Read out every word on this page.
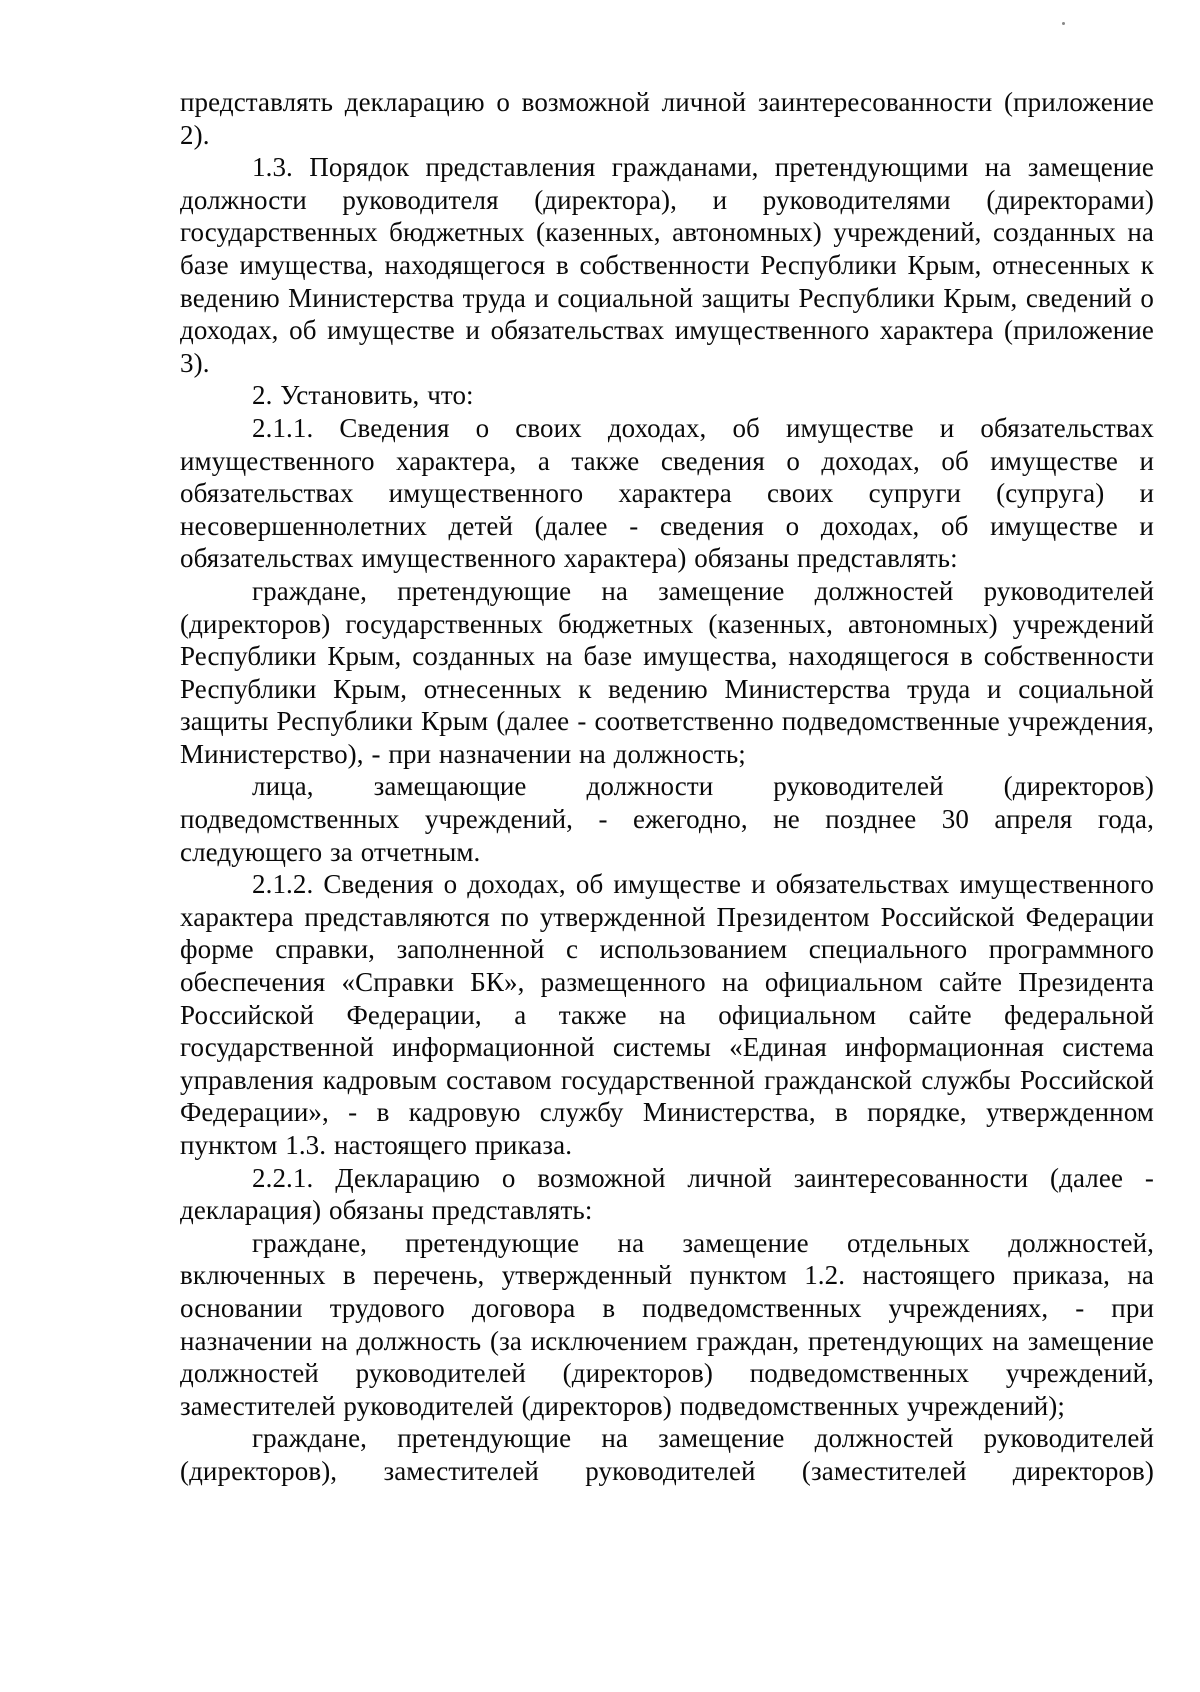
представлять декларацию о возможной личной заинтересованности (приложение 2).

1.3. Порядок представления гражданами, претендующими на замещение должности руководителя (директора), и руководителями (директорами) государственных бюджетных (казенных, автономных) учреждений, созданных на базе имущества, находящегося в собственности Республики Крым, отнесенных к ведению Министерства труда и социальной защиты Республики Крым, сведений о доходах, об имуществе и обязательствах имущественного характера (приложение 3).

2. Установить, что:

2.1.1. Сведения о своих доходах, об имуществе и обязательствах имущественного характера, а также сведения о доходах, об имуществе и обязательствах имущественного характера своих супруги (супруга) и несовершеннолетних детей (далее - сведения о доходах, об имуществе и обязательствах имущественного характера) обязаны представлять:

граждане, претендующие на замещение должностей руководителей (директоров) государственных бюджетных (казенных, автономных) учреждений Республики Крым, созданных на базе имущества, находящегося в собственности Республики Крым, отнесенных к ведению Министерства труда и социальной защиты Республики Крым (далее - соответственно подведомственные учреждения, Министерство), - при назначении на должность;

лица, замещающие должности руководителей (директоров) подведомственных учреждений, - ежегодно, не позднее 30 апреля года, следующего за отчетным.

2.1.2. Сведения о доходах, об имуществе и обязательствах имущественного характера представляются по утвержденной Президентом Российской Федерации форме справки, заполненной с использованием специального программного обеспечения «Справки БК», размещенного на официальном сайте Президента Российской Федерации, а также на официальном сайте федеральной государственной информационной системы «Единая информационная система управления кадровым составом государственной гражданской службы Российской Федерации», - в кадровую службу Министерства, в порядке, утвержденном пунктом 1.3. настоящего приказа.

2.2.1. Декларацию о возможной личной заинтересованности (далее - декларация) обязаны представлять:

граждане, претендующие на замещение отдельных должностей, включенных в перечень, утвержденный пунктом 1.2. настоящего приказа, на основании трудового договора в подведомственных учреждениях, - при назначении на должность (за исключением граждан, претендующих на замещение должностей руководителей (директоров) подведомственных учреждений, заместителей руководителей (директоров) подведомственных учреждений);

граждане, претендующие на замещение должностей руководителей (директоров), заместителей руководителей (заместителей директоров)
